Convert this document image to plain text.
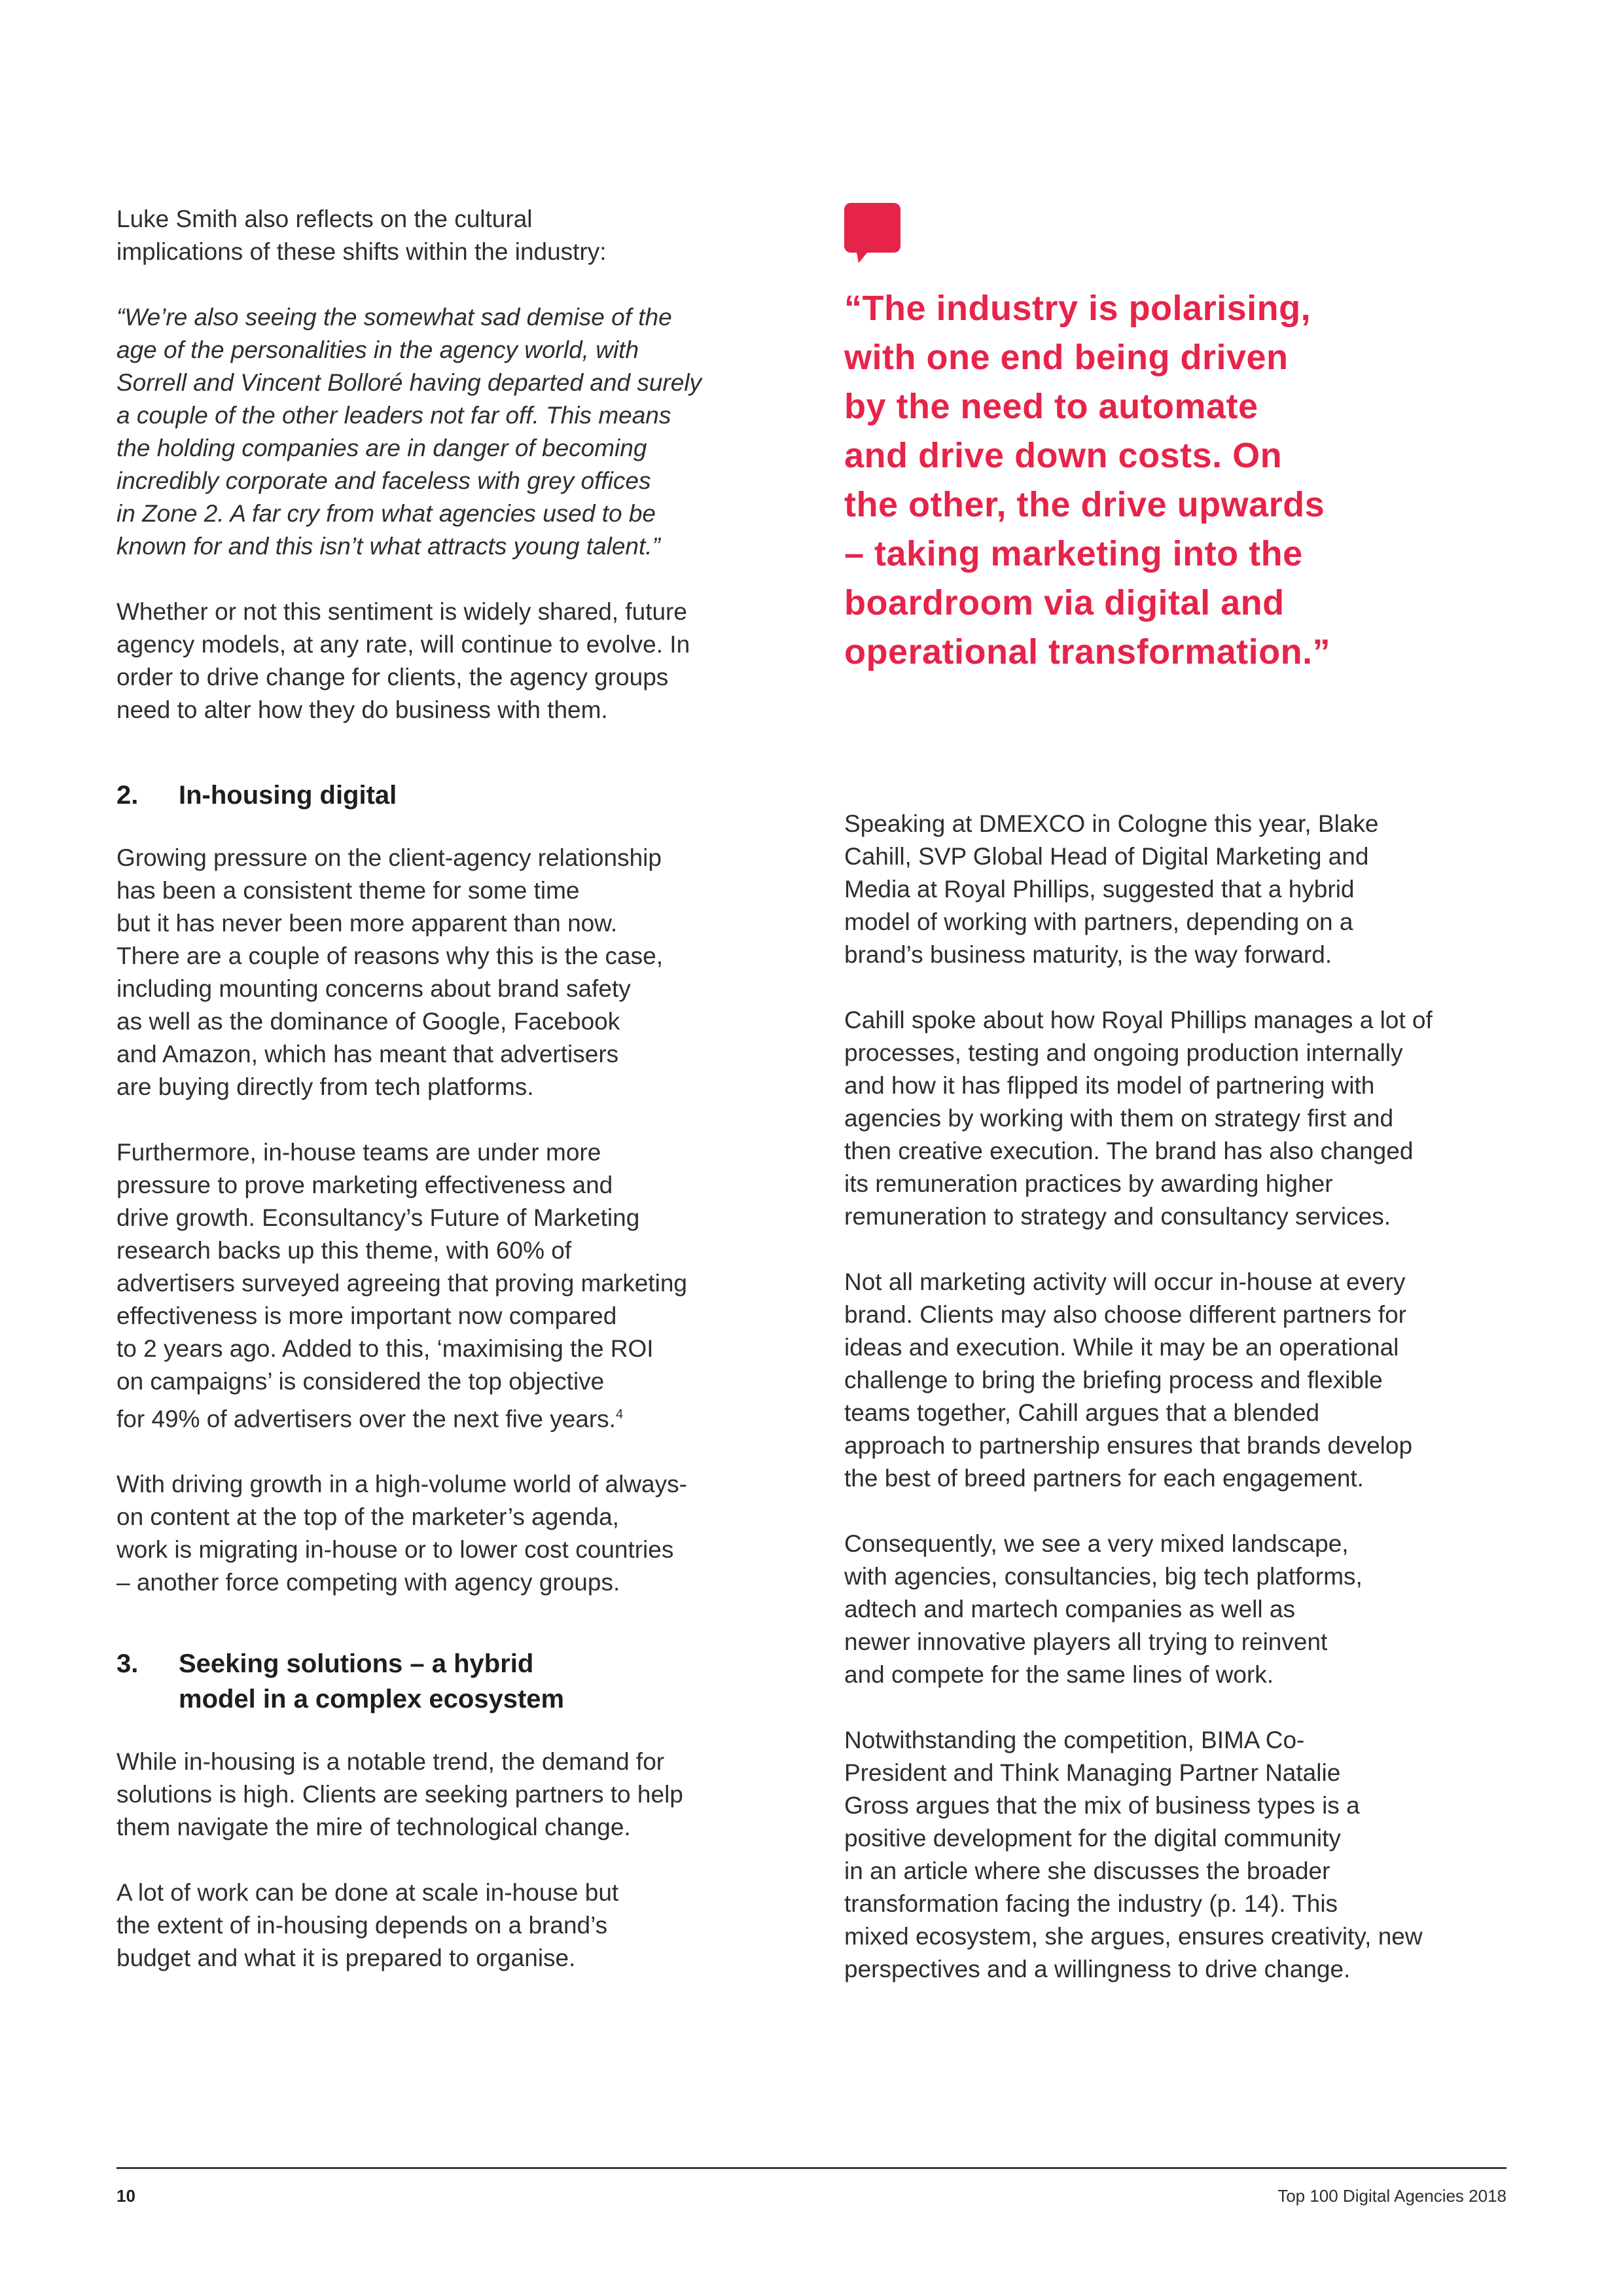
Luke Smith also reflects on the cultural
implications of these shifts within the industry:

“We’re also seeing the somewhat sad demise of the
age of the personalities in the agency world, with
Sorrell and Vincent Bolloré having departed and surely
a couple of the other leaders not far off. This means
the holding companies are in danger of becoming
incredibly corporate and faceless with grey offices
in Zone 2. A far cry from what agencies used to be
known for and this isn’t what attracts young talent.”

Whether or not this sentiment is widely shared, future
agency models, at any rate, will continue to evolve. In
order to drive change for clients, the agency groups
need to alter how they do business with them.

2.	In-housing digital

Growing pressure on the client-agency relationship
has been a consistent theme for some time
but it has never been more apparent than now.
There are a couple of reasons why this is the case,
including mounting concerns about brand safety
as well as the dominance of Google, Facebook
and Amazon, which has meant that advertisers
are buying directly from tech platforms.

Furthermore, in-house teams are under more
pressure to prove marketing effectiveness and
drive growth. Econsultancy’s Future of Marketing
research backs up this theme, with 60% of
advertisers surveyed agreeing that proving marketing
effectiveness is more important now compared
to 2 years ago. Added to this, ‘maximising the ROI
on campaigns’ is considered the top objective
for 49% of advertisers over the next five years.$^4$

With driving growth in a high-volume world of always-
on content at the top of the marketer’s agenda,
work is migrating in-house or to lower cost countries
– another force competing with agency groups.

3.	Seeking solutions – a hybrid
model in a complex ecosystem

While in-housing is a notable trend, the demand for
solutions is high. Clients are seeking partners to help
them navigate the mire of technological change.

A lot of work can be done at scale in-house but
the extent of in-housing depends on a brand’s
budget and what it is prepared to organise.

“The industry is polarising,
with one end being driven
by the need to automate
and drive down costs. On
the other, the drive upwards
– taking marketing into the
boardroom via digital and
operational transformation.”

Speaking at DMEXCO in Cologne this year, Blake
Cahill, SVP Global Head of Digital Marketing and
Media at Royal Phillips, suggested that a hybrid
model of working with partners, depending on a
brand’s business maturity, is the way forward.

Cahill spoke about how Royal Phillips manages a lot of
processes, testing and ongoing production internally
and how it has flipped its model of partnering with
agencies by working with them on strategy first and
then creative execution. The brand has also changed
its remuneration practices by awarding higher
remuneration to strategy and consultancy services.

Not all marketing activity will occur in-house at every
brand. Clients may also choose different partners for
ideas and execution. While it may be an operational
challenge to bring the briefing process and flexible
teams together, Cahill argues that a blended
approach to partnership ensures that brands develop
the best of breed partners for each engagement.

Consequently, we see a very mixed landscape,
with agencies, consultancies, big tech platforms,
adtech and martech companies as well as
newer innovative players all trying to reinvent
and compete for the same lines of work.

Notwithstanding the competition, BIMA Co-
President and Think Managing Partner Natalie
Gross argues that the mix of business types is a
positive development for the digital community
in an article where she discusses the broader
transformation facing the industry (p. 14). This
mixed ecosystem, she argues, ensures creativity, new
perspectives and a willingness to drive change.

10	Top 100 Digital Agencies 2018
